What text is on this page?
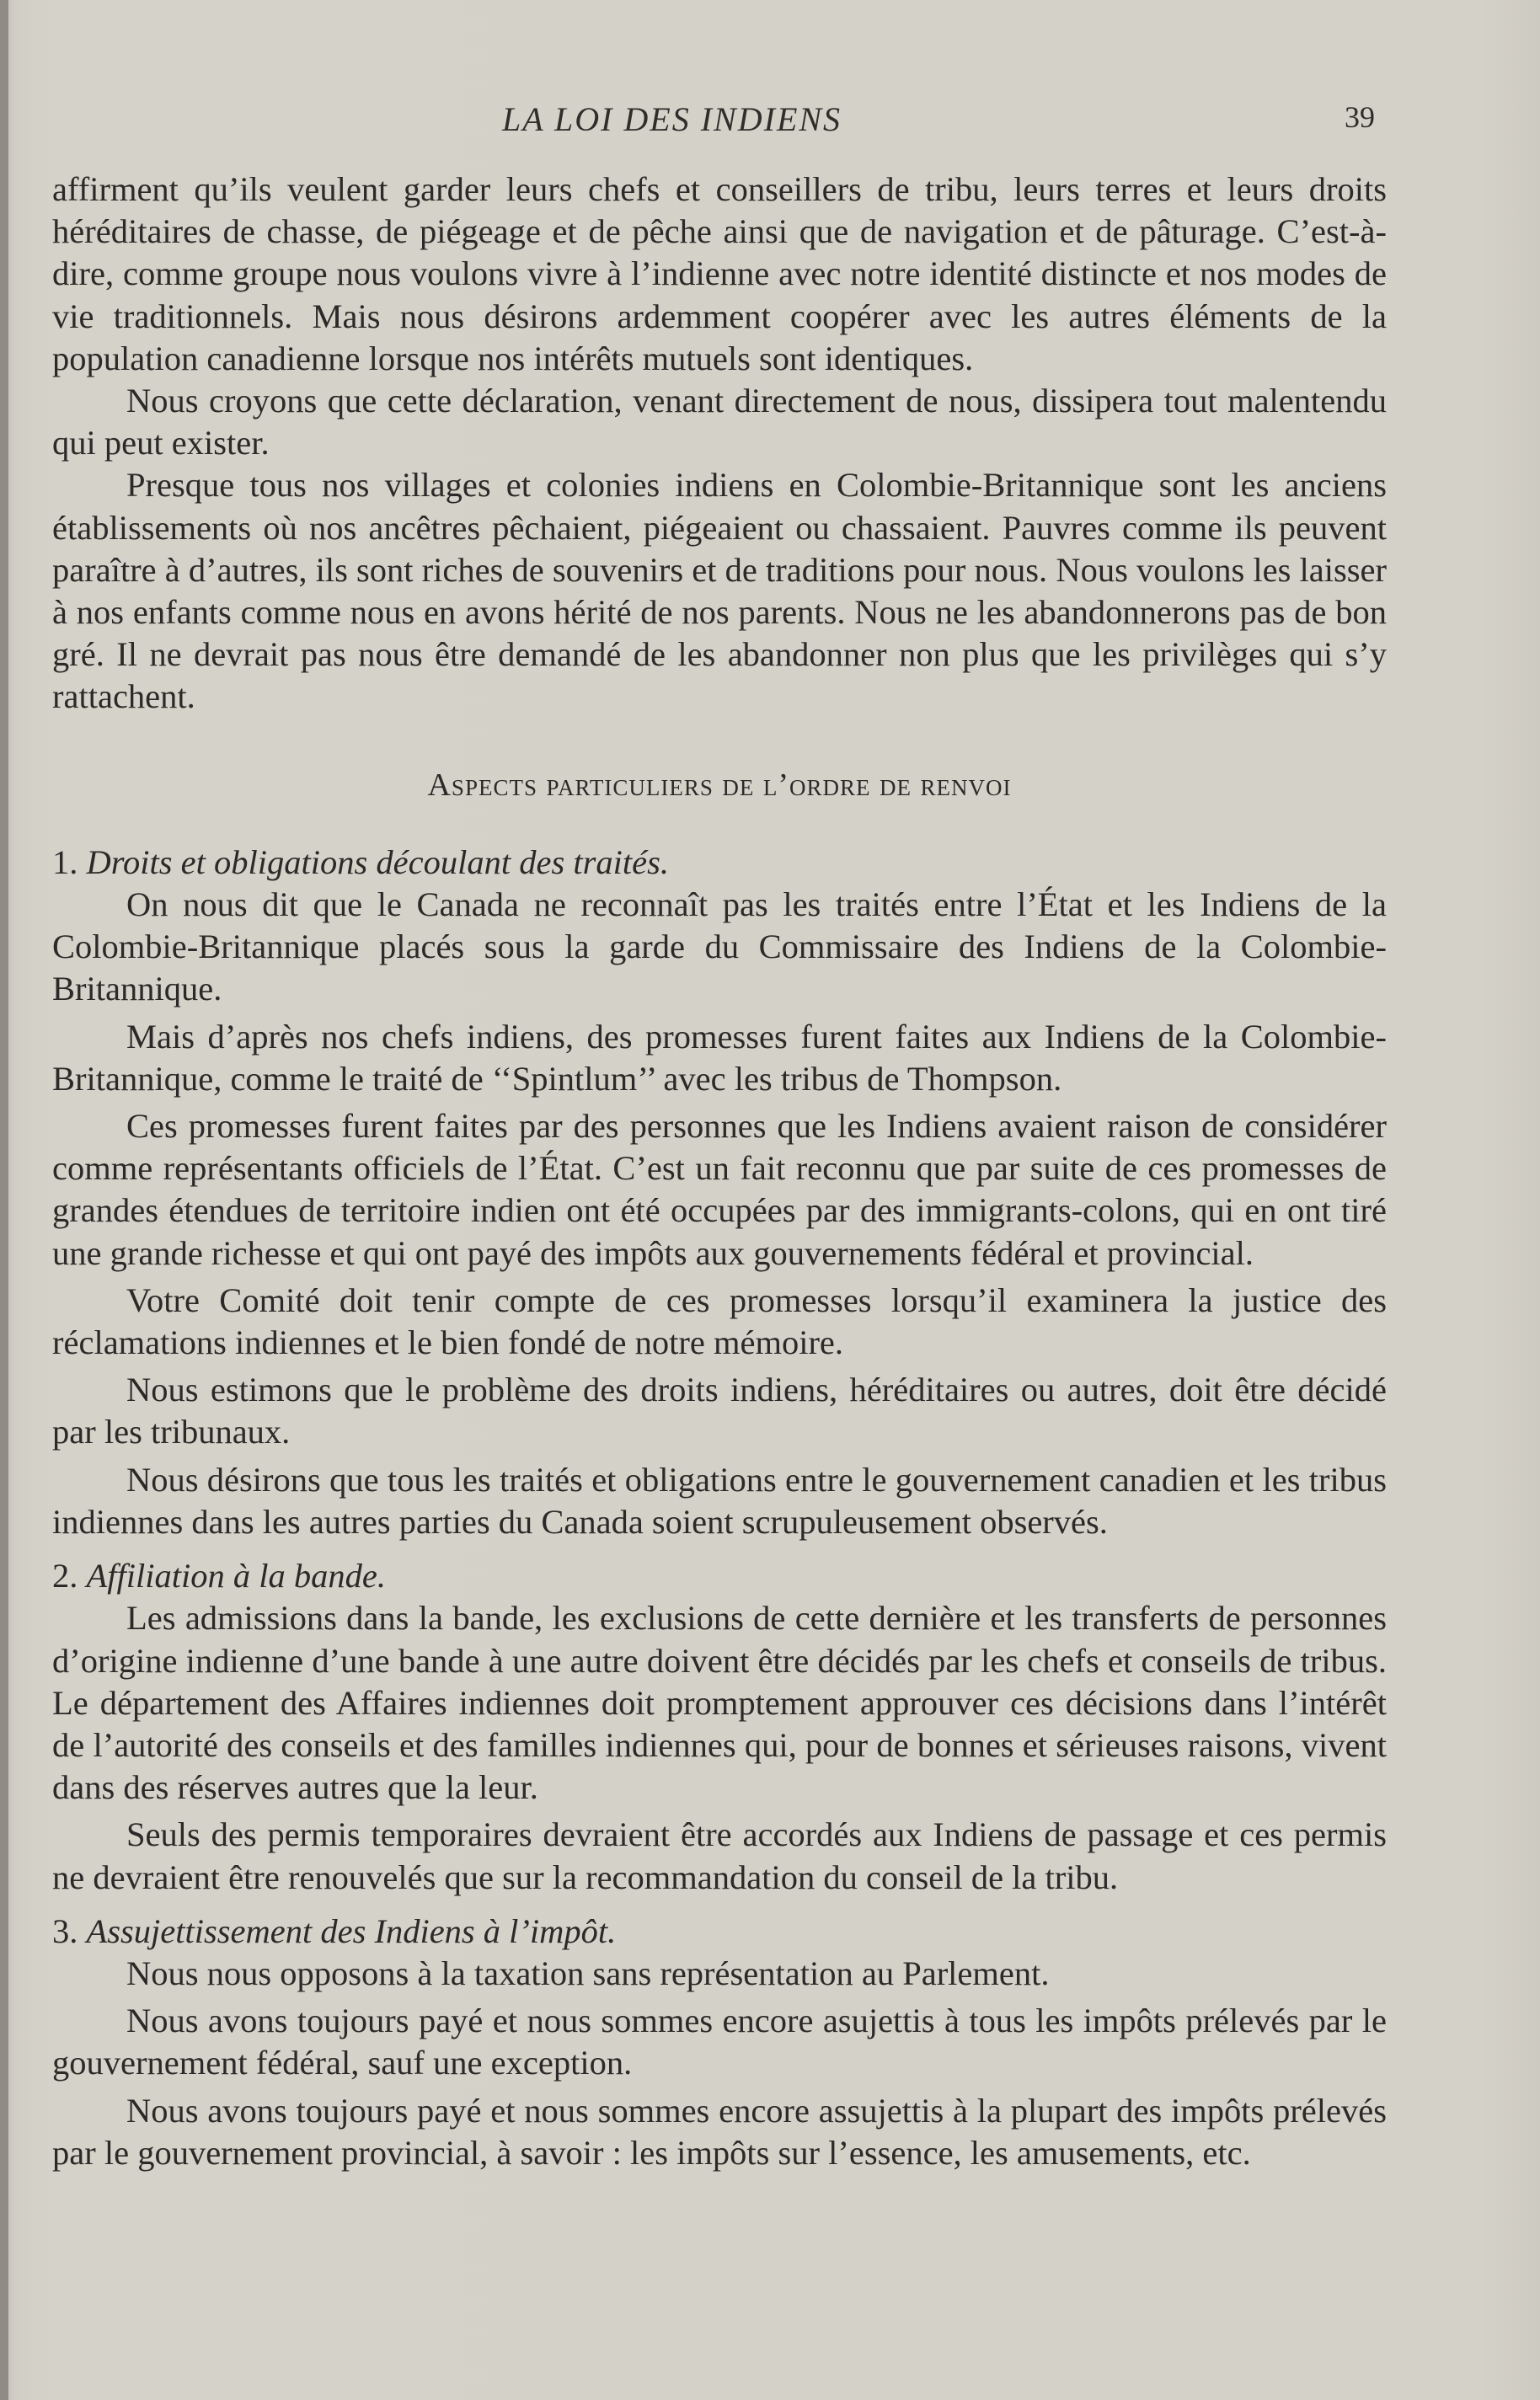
LA LOI DES INDIENS	39

affirment qu’ils veulent garder leurs chefs et conseillers de tribu, leurs terres et leurs droits héréditaires de chasse, de piégeage et de pêche ainsi que de navigation et de pâturage. C’est-à-dire, comme groupe nous voulons vivre à l’indienne avec notre identité distincte et nos modes de vie traditionnels. Mais nous désirons ardemment coopérer avec les autres éléments de la population canadienne lorsque nos intérêts mutuels sont identiques.

Nous croyons que cette déclaration, venant directement de nous, dissipera tout malentendu qui peut exister.

Presque tous nos villages et colonies indiens en Colombie-Britannique sont les anciens établissements où nos ancêtres pêchaient, piégeaient ou chassaient. Pauvres comme ils peuvent paraître à d’autres, ils sont riches de souvenirs et de traditions pour nous. Nous voulons les laisser à nos enfants comme nous en avons hérité de nos parents. Nous ne les abandonnerons pas de bon gré. Il ne devrait pas nous être demandé de les abandonner non plus que les privilèges qui s’y rattachent.

Aspects particuliers de l’ordre de renvoi
1. Droits et obligations découlant des traités.

On nous dit que le Canada ne reconnaît pas les traités entre l’État et les Indiens de la Colombie-Britannique placés sous la garde du Commissaire des Indiens de la Colombie-Britannique.

Mais d’après nos chefs indiens, des promesses furent faites aux Indiens de la Colombie-Britannique, comme le traité de ‘‘Spintlum’’ avec les tribus de Thompson.

Ces promesses furent faites par des personnes que les Indiens avaient raison de considérer comme représentants officiels de l’État. C’est un fait reconnu que par suite de ces promesses de grandes étendues de territoire indien ont été occupées par des immigrants-colons, qui en ont tiré une grande richesse et qui ont payé des impôts aux gouvernements fédéral et provincial.

Votre Comité doit tenir compte de ces promesses lorsqu’il examinera la justice des réclamations indiennes et le bien fondé de notre mémoire.

Nous estimons que le problème des droits indiens, héréditaires ou autres, doit être décidé par les tribunaux.

Nous désirons que tous les traités et obligations entre le gouvernement canadien et les tribus indiennes dans les autres parties du Canada soient scrupuleusement observés.

2. Affiliation à la bande.

Les admissions dans la bande, les exclusions de cette dernière et les transferts de personnes d’origine indienne d’une bande à une autre doivent être décidés par les chefs et conseils de tribus. Le département des Affaires indiennes doit promptement approuver ces décisions dans l’intérêt de l’autorité des conseils et des familles indiennes qui, pour de bonnes et sérieuses raisons, vivent dans des réserves autres que la leur.

Seuls des permis temporaires devraient être accordés aux Indiens de passage et ces permis ne devraient être renouvelés que sur la recommandation du conseil de la tribu.

3. Assujettissement des Indiens à l’impôt.

Nous nous opposons à la taxation sans représentation au Parlement.

Nous avons toujours payé et nous sommes encore asujettis à tous les impôts prélevés par le gouvernement fédéral, sauf une exception.

Nous avons toujours payé et nous sommes encore assujettis à la plupart des impôts prélevés par le gouvernement provincial, à savoir : les impôts sur l’essence, les amusements, etc.
